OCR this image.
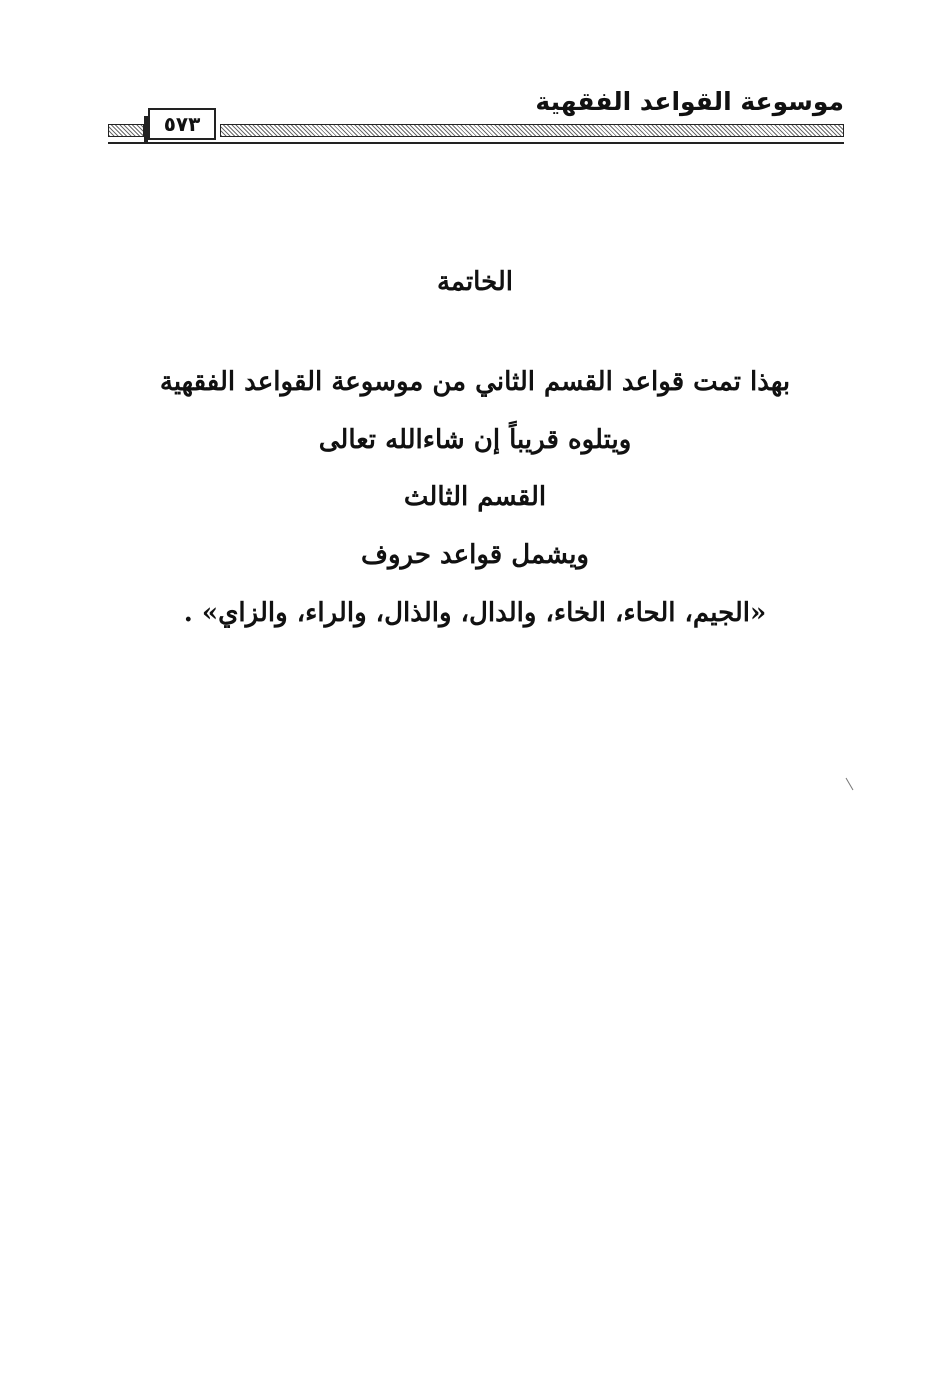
موسوعة القواعد الفقهية
٥٧٣
الخاتمة
بهذا تمت قواعد القسم الثاني من موسوعة القواعد الفقهية
ويتلوه قريباً إن شاءالله تعالى
القسم الثالث
ويشمل قواعد حروف
«الجيم، الحاء، الخاء، والدال، والذال، والراء، والزاي» .
